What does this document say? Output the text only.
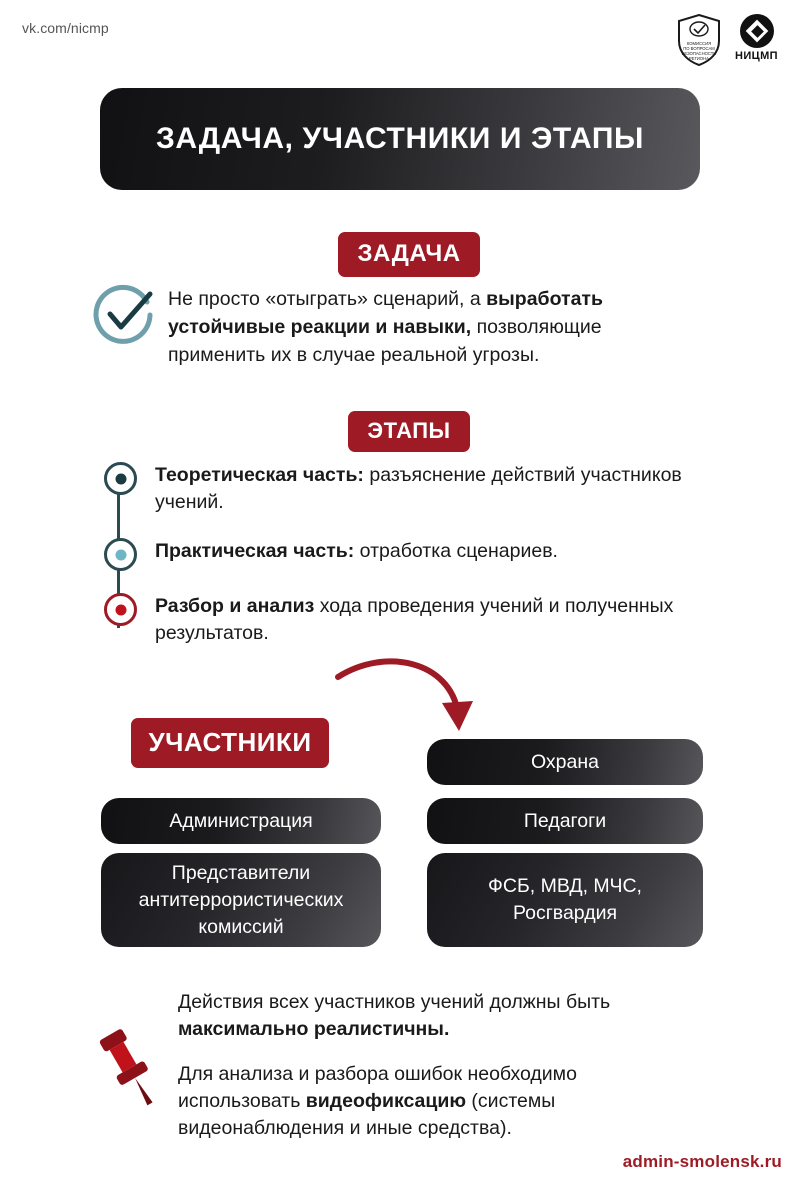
vk.com/nicmp
КОМИССИЯ
ПО ВОПРОСАМ
БЕЗОПАСНОСТИ
РЕГИОНА НИЦМП
ЗАДАЧА, УЧАСТНИКИ И ЭТАПЫ
ЗАДАЧА
Не просто «отыграть» сценарий, а выработать устойчивые реакции и навыки, позволяющие применить их в случае реальной угрозы.
ЭТАПЫ
Теоретическая часть: разъяснение действий участников учений.
Практическая часть: отработка сценариев.
Разбор и анализ хода проведения учений и полученных результатов.
УЧАСТНИКИ
Охрана
Администрация	Педагоги
Представители антитеррористических комиссий
ФСБ, МВД, МЧС, Росгвардия

Действия всех участников учений должны быть максимально реалистичны.

Для анализа и разбора ошибок необходимо использовать видеофиксацию (системы видеонаблюдения и иные средства).

admin-smolensk.ru
